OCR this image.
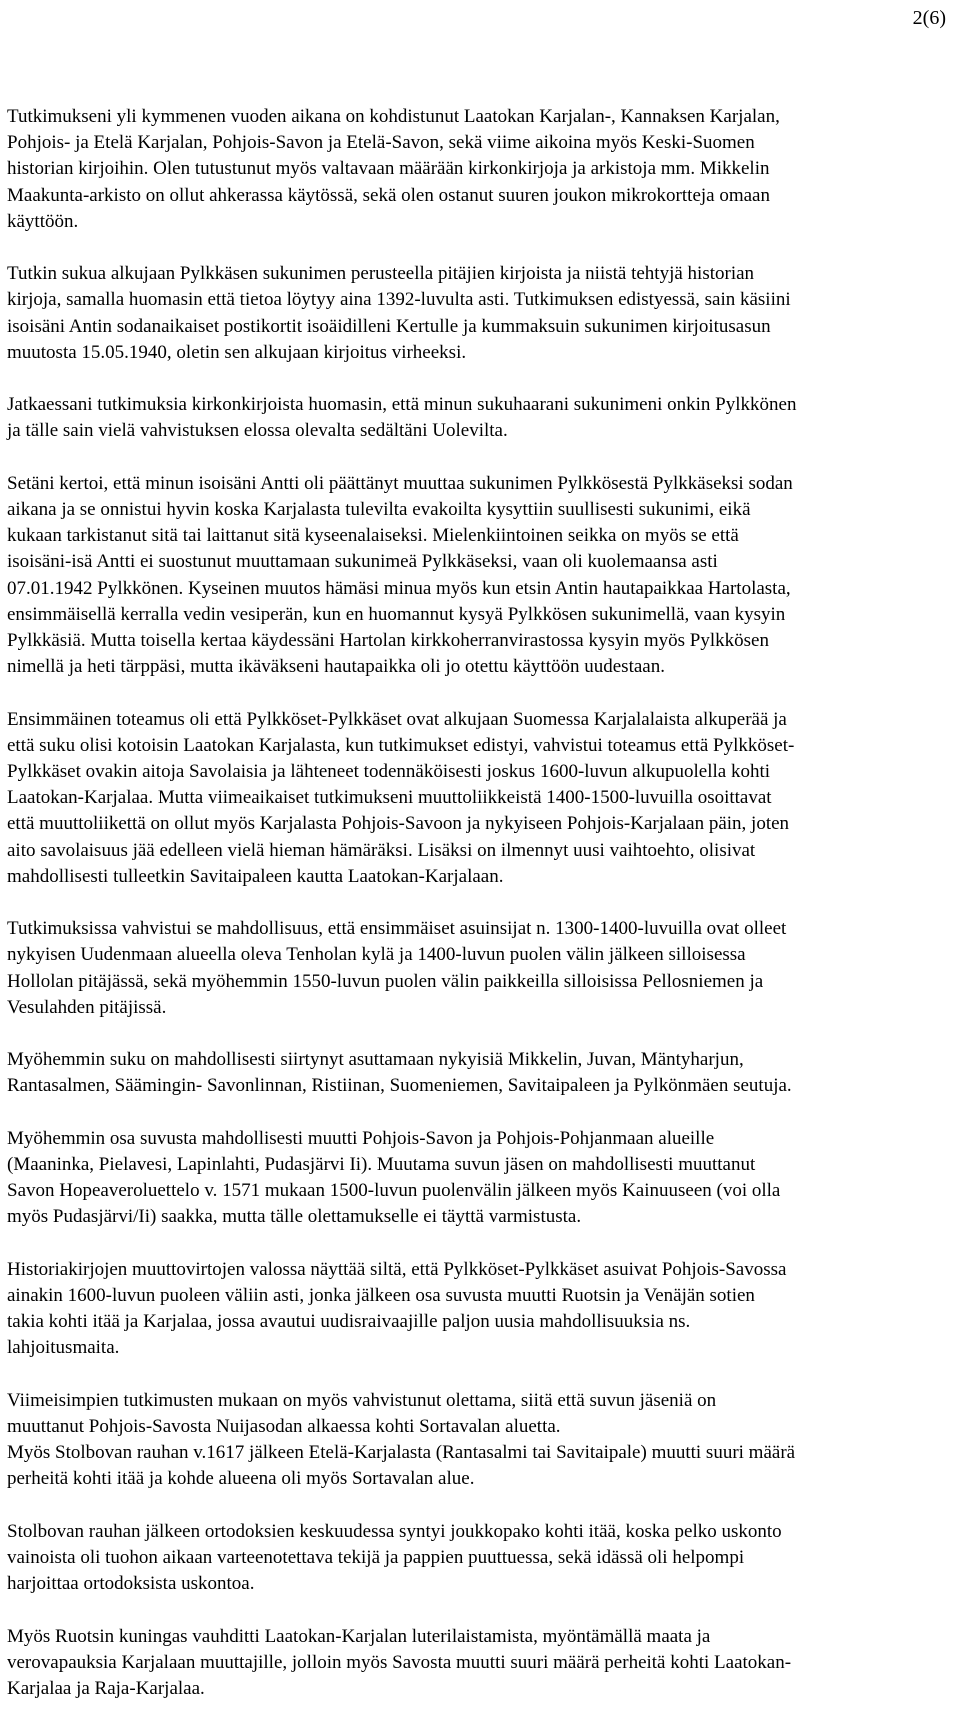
2(6)

Tutkimukseni yli kymmenen vuoden aikana on kohdistunut Laatokan Karjalan-, Kannaksen Karjalan,
Pohjois- ja Etelä Karjalan, Pohjois-Savon ja Etelä-Savon, sekä viime aikoina myös Keski-Suomen
historian kirjoihin. Olen tutustunut myös valtavaan määrään kirkonkirjoja ja arkistoja mm. Mikkelin
Maakunta-arkisto on ollut ahkerassa käytössä, sekä olen ostanut suuren joukon mikrokortteja omaan
käyttöön.

Tutkin sukua alkujaan Pylkkäsen sukunimen perusteella pitäjien kirjoista ja niistä tehtyjä historian
kirjoja, samalla huomasin että tietoa löytyy aina 1392-luvulta asti. Tutkimuksen edistyessä, sain käsiini
isoisäni Antin sodanaikaiset postikortit isoäidilleni Kertulle ja kummaksuin sukunimen kirjoitusasun
muutosta 15.05.1940, oletin sen alkujaan kirjoitus virheeksi.

Jatkaessani tutkimuksia kirkonkirjoista huomasin, että minun sukuhaarani sukunimeni onkin Pylkkönen
ja tälle sain vielä vahvistuksen elossa olevalta sedältäni Uolevilta.

Setäni kertoi, että minun isoisäni Antti oli päättänyt muuttaa sukunimen Pylkkösestä Pylkkäseksi sodan
aikana ja se onnistui hyvin koska Karjalasta tulevilta evakoilta kysyttiin suullisesti sukunimi, eikä
kukaan tarkistanut sitä tai laittanut sitä kyseenalaiseksi. Mielenkiintoinen seikka on myös se että
isoisäni-isä Antti ei suostunut muuttamaan sukunimeä Pylkkäseksi, vaan oli kuolemaansa asti
07.01.1942 Pylkkönen. Kyseinen muutos hämäsi minua myös kun etsin Antin hautapaikkaa Hartolasta,
ensimmäisellä kerralla vedin vesiperän, kun en huomannut kysyä Pylkkösen sukunimellä, vaan kysyin
Pylkkäsiä. Mutta toisella kertaa käydessäni Hartolan kirkkoherranvirastossa kysyin myös Pylkkösen
nimellä ja heti tärppäsi, mutta ikäväkseni hautapaikka oli jo otettu käyttöön uudestaan.

Ensimmäinen toteamus oli että Pylkköset-Pylkkäset ovat alkujaan Suomessa Karjalalaista alkuperää ja
että suku olisi kotoisin Laatokan Karjalasta, kun tutkimukset edistyi, vahvistui toteamus että Pylkköset-
Pylkkäset ovakin aitoja Savolaisia ja lähteneet todennäköisesti joskus 1600-luvun alkupuolella kohti
Laatokan-Karjalaa. Mutta viimeaikaiset tutkimukseni muuttoliikkeistä 1400-1500-luvuilla osoittavat
että muuttoliikettä on ollut myös Karjalasta Pohjois-Savoon ja nykyiseen Pohjois-Karjalaan päin, joten
aito savolaisuus jää edelleen vielä hieman hämäräksi. Lisäksi on ilmennyt uusi vaihtoehto, olisivat
mahdollisesti tulleetkin Savitaipaleen kautta Laatokan-Karjalaan.

Tutkimuksissa vahvistui se mahdollisuus, että ensimmäiset asuinsijat n. 1300-1400-luvuilla ovat olleet
nykyisen Uudenmaan alueella oleva Tenholan kylä ja 1400-luvun puolen välin jälkeen silloisessa
Hollolan pitäjässä, sekä myöhemmin 1550-luvun puolen välin paikkeilla silloisissa Pellosniemen ja
Vesulahden pitäjissä.

Myöhemmin suku on mahdollisesti siirtynyt asuttamaan nykyisiä Mikkelin, Juvan, Mäntyharjun,
Rantasalmen, Säämingin- Savonlinnan, Ristiinan, Suomeniemen, Savitaipaleen ja Pylkönmäen seutuja.

Myöhemmin osa suvusta mahdollisesti muutti Pohjois-Savon ja Pohjois-Pohjanmaan alueille
(Maaninka, Pielavesi, Lapinlahti, Pudasjärvi Ii). Muutama suvun jäsen on mahdollisesti muuttanut
Savon Hopeaveroluettelo v. 1571 mukaan 1500-luvun puolenvälin jälkeen myös Kainuuseen (voi olla
myös Pudasjärvi/Ii) saakka, mutta tälle olettamukselle ei täyttä varmistusta.

Historiakirjojen muuttovirtojen valossa näyttää siltä, että Pylkköset-Pylkkäset asuivat Pohjois-Savossa
ainakin 1600-luvun puoleen väliin asti, jonka jälkeen osa suvusta muutti Ruotsin ja Venäjän sotien
takia kohti itää ja Karjalaa, jossa avautui uudisraivaajille paljon uusia mahdollisuuksia ns.
lahjoitusmaita.

Viimeisimpien tutkimusten mukaan on myös vahvistunut olettama, siitä että suvun jäseniä on
muuttanut Pohjois-Savosta Nuijasodan alkaessa kohti Sortavalan aluetta.

Myös Stolbovan rauhan v.1617 jälkeen Etelä-Karjalasta (Rantasalmi tai Savitaipale) muutti suuri määrä
perheitä kohti itää ja kohde alueena oli myös Sortavalan alue.

Stolbovan rauhan jälkeen ortodoksien keskuudessa syntyi joukkopako kohti itää, koska pelko uskonto
vainoista oli tuohon aikaan varteenotettava tekijä ja pappien puuttuessa, sekä idässä oli helpompi
harjoittaa ortodoksista uskontoa.

Myös Ruotsin kuningas vauhditti Laatokan-Karjalan luterilaistamista, myöntämällä maata ja
verovapauksia Karjalaan muuttajille, jolloin myös Savosta muutti suuri määrä perheitä kohti Laatokan-
Karjalaa ja Raja-Karjalaa.
